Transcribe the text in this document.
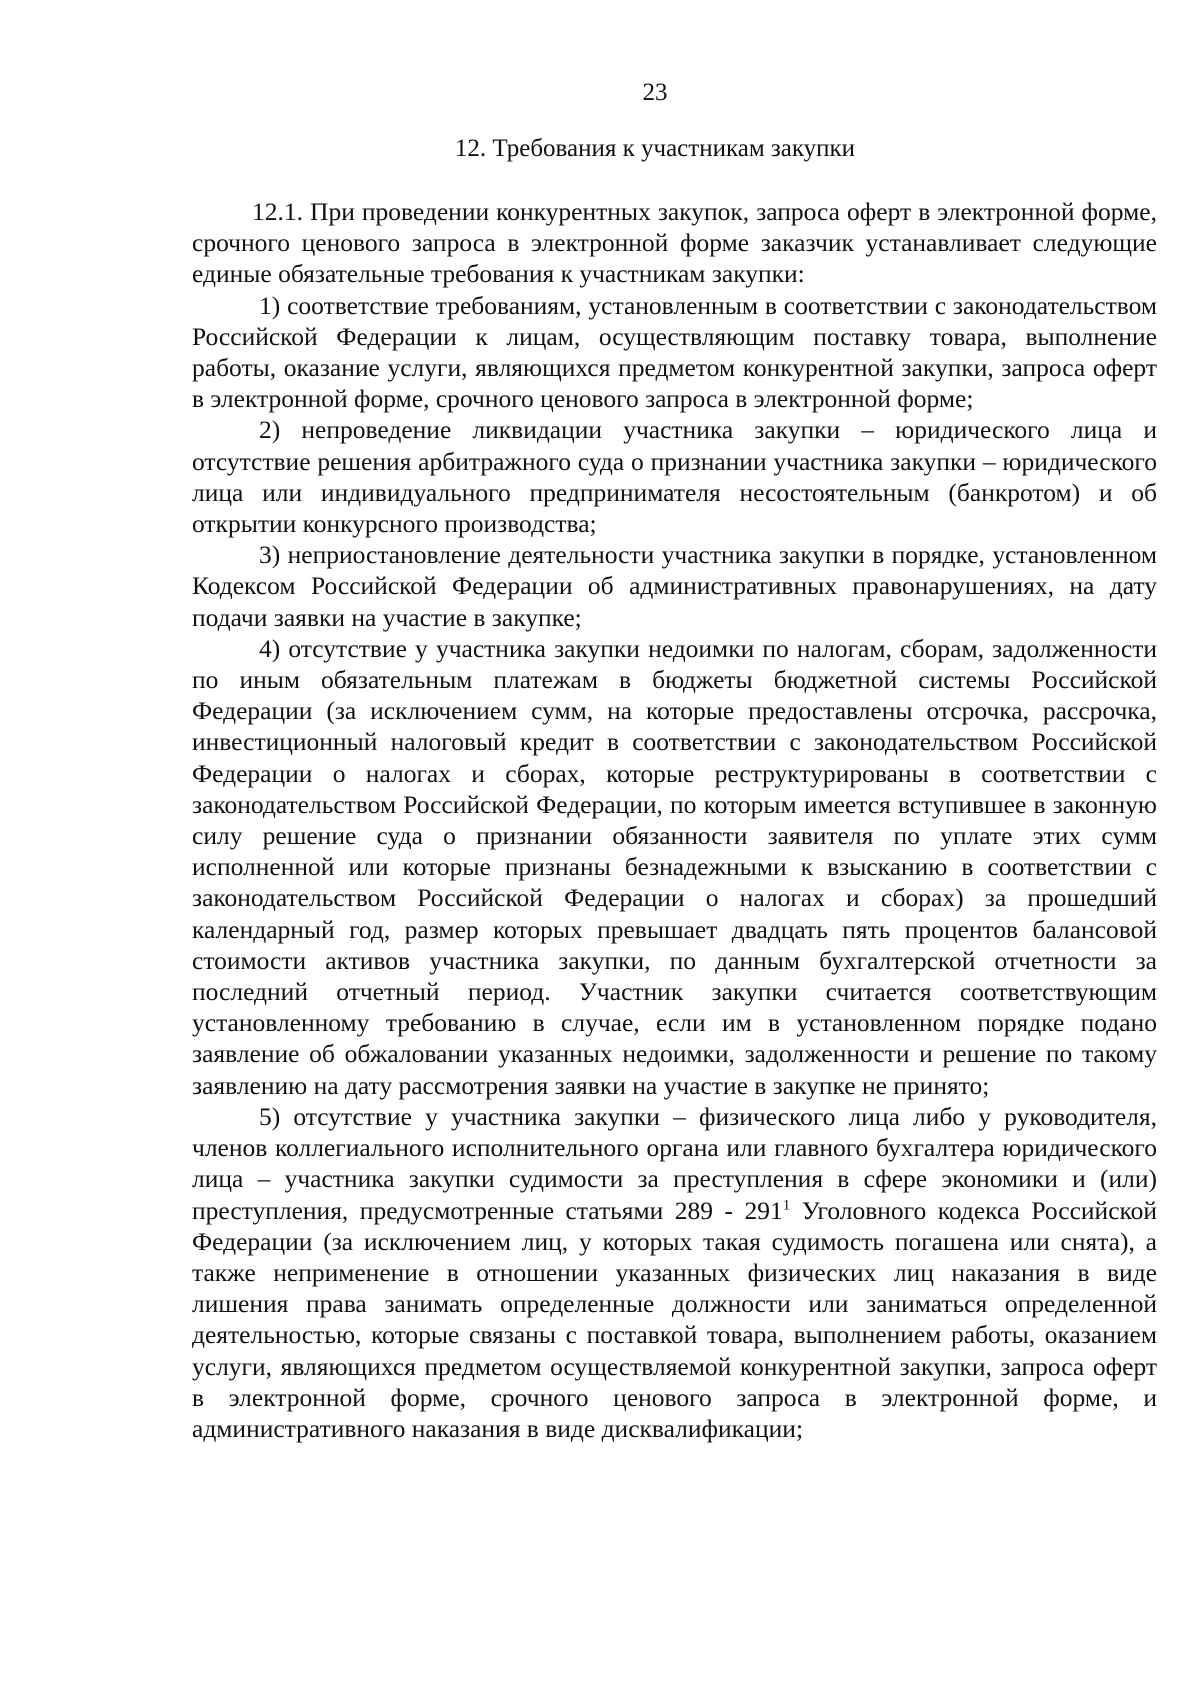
23
12. Требования к участникам закупки

12.1. При проведении конкурентных закупок, запроса оферт в электронной форме, срочного ценового запроса в электронной форме заказчик устанавливает следующие единые обязательные требования к участникам закупки:

1) соответствие требованиям, установленным в соответствии с законодательством Российской Федерации к лицам, осуществляющим поставку товара, выполнение работы, оказание услуги, являющихся предметом конкурентной закупки, запроса оферт в электронной форме, срочного ценового запроса в электронной форме;

2) непроведение ликвидации участника закупки – юридического лица и отсутствие решения арбитражного суда о признании участника закупки – юридического лица или индивидуального предпринимателя несостоятельным (банкротом) и об открытии конкурсного производства;

3) неприостановление деятельности участника закупки в порядке, установленном Кодексом Российской Федерации об административных правонарушениях, на дату подачи заявки на участие в закупке;

4) отсутствие у участника закупки недоимки по налогам, сборам, задолженности по иным обязательным платежам в бюджеты бюджетной системы Российской Федерации (за исключением сумм, на которые предоставлены отсрочка, рассрочка, инвестиционный налоговый кредит в соответствии с законодательством Российской Федерации о налогах и сборах, которые реструктурированы в соответствии с законодательством Российской Федерации, по которым имеется вступившее в законную силу решение суда о признании обязанности заявителя по уплате этих сумм исполненной или которые признаны безнадежными к взысканию в соответствии с законодательством Российской Федерации о налогах и сборах) за прошедший календарный год, размер которых превышает двадцать пять процентов балансовой стоимости активов участника закупки, по данным бухгалтерской отчетности за последний отчетный период. Участник закупки считается соответствующим установленному требованию в случае, если им в установленном порядке подано заявление об обжаловании указанных недоимки, задолженности и решение по такому заявлению на дату рассмотрения заявки на участие в закупке не принято;

5) отсутствие у участника закупки – физического лица либо у руководителя, членов коллегиального исполнительного органа или главного бухгалтера юридического лица – участника закупки судимости за преступления в сфере экономики и (или) преступления, предусмотренные статьями $289 - 291^1$ Уголовного кодекса Российской Федерации (за исключением лиц, у которых такая судимость погашена или снята), а также неприменение в отношении указанных физических лиц наказания в виде лишения права занимать определенные должности или заниматься определенной деятельностью, которые связаны с поставкой товара, выполнением работы, оказанием услуги, являющихся предметом осуществляемой конкурентной закупки, запроса оферт в электронной форме, срочного ценового запроса в электронной форме, и административного наказания в виде дисквалификации;
